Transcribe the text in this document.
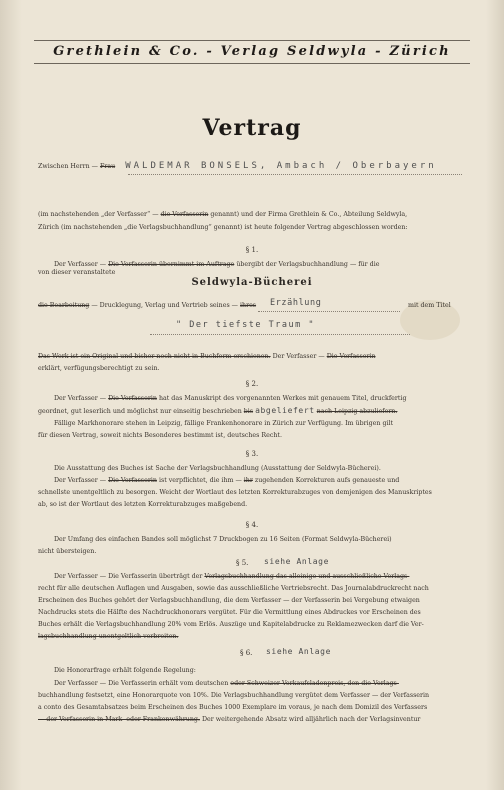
Grethlein & Co. - Verlag Seldwyla - Zürich
Vertrag
Zwischen Herrn — Frau WALDEMAR BONSELS, Ambach / Oberbayern
(im nachstehenden „der Verfasser“ — die Verfasserin genannt) und der Firma Grethlein & Co., Abteilung Seldwyla,
Zürich (im nachstehenden „die Verlagsbuchhandlung“ genannt) ist heute folgender Vertrag abgeschlossen worden:
§ 1.
Der Verfasser — Die Verfasserin übernimmt im Auftrage übergibt der Verlagsbuchhandlung — für die
von dieser veranstaltete
Seldwyla-Bücherei
die Bearbeitung — Drucklegung, Verlag und Vertrieb seines — ihres	Erzählung	mit dem Titel
" Der tiefste Traum "
Das Werk ist ein Original und bisher noch nicht in Buchform erschienen. Der Verfasser — Die Verfasserin
erklärt, verfügungsberechtigt zu sein.
§ 2.
Der Verfasser — Die Verfasserin hat das Manuskript des vorgenannten Werkes mit genauem Titel, druckfertig
geordnet, gut leserlich und möglichst nur einseitig beschrieben bis abgeliefert nach Leipzig abzuliefern.
Fällige Markhonorare stehen in Leipzig, fällige Frankenhonorare in Zürich zur Verfügung. Im übrigen gilt
für diesen Vertrag, soweit nichts Besonderes bestimmt ist, deutsches Recht.
§ 3.
Die Ausstattung des Buches ist Sache der Verlagsbuchhandlung (Ausstattung der Seldwyla-Bücherei).
Der Verfasser — Die Verfasserin ist verpflichtet, die ihm — ihr zugehenden Korrekturen aufs genaueste und
schnellste unentgeltlich zu besorgen. Weicht der Wortlaut des letzten Korrekturabzuges von demjenigen des Manuskriptes
ab, so ist der Wortlaut des letzten Korrekturabzuges maßgebend.
§ 4.
Der Umfang des einfachen Bandes soll möglichst 7 Druckbogen zu 16 Seiten (Format Seldwyla-Bücherei)
nicht übersteigen.
§ 5. siehe Anlage
Der Verfasser — Die Verfasserin überträgt der Verlagsbuchhandlung das alleinige und ausschließliche Verlags-
recht für alle deutschen Auflagen und Ausgaben, sowie das ausschließliche Vertriebsrecht. Das Journalabdruckrecht nach
Erscheinen des Buches gehört der Verlagsbuchhandlung, die dem Verfasser — der Verfasserin bei Vergebung etwaigen
Nachdrucks stets die Hälfte des Nachdruckhonorars vergütet. Für die Vermittlung eines Abdruckes vor Erscheinen des
Buches erhält die Verlagsbuchhandlung 20% vom Erlös. Auszüge und Kapitelabdrucke zu Reklamezwecken darf die Ver-
lagsbuchhandlung unentgeltlich verbreiten.
§ 6. siehe Anlage
Die Honorarfrage erhält folgende Regelung:
Der Verfasser — Die Verfasserin erhält vom deutschen oder Schweizer Verkaufsladenpreis, den die Verlags-
buchhandlung festsetzt, eine Honorarquote von 10%. Die Verlagsbuchhandlung vergütet dem Verfasser — der Verfasserin
a conto des Gesamtabsatzes beim Erscheinen des Buches 1000 Exemplare im voraus, je nach dem Domizil des Verfassers
— der Verfasserin in Mark- oder Frankenwährung. Der weitergehende Absatz wird alljährlich nach der Verlagsinventur
